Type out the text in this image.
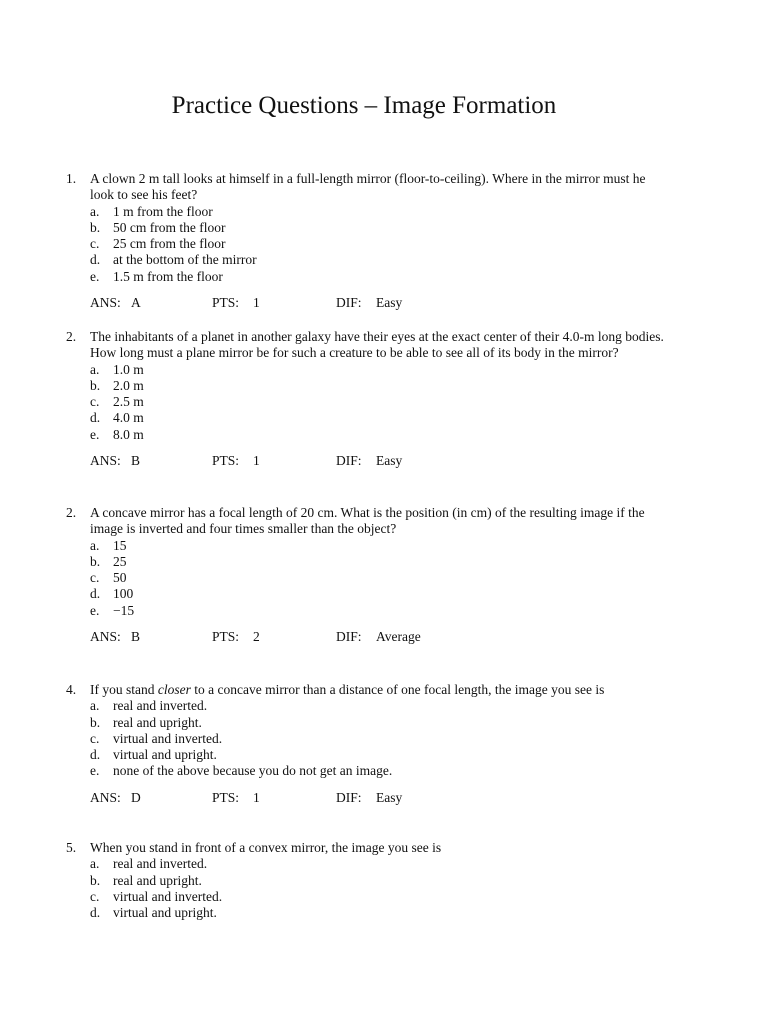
Practice Questions – Image Formation
1.	A clown 2 m tall looks at himself in a full-length mirror (floor-to-ceiling). Where in the mirror must he
look to see his feet?
a.	1 m from the floor
b. 50 cm from the floor
c.	25 cm from the floor
d. at the bottom of the mirror
e.	1.5 m from the floor
ANS: A	PTS: 1	DIF: Easy
2.	The inhabitants of a planet in another galaxy have their eyes at the exact center of their 4.0-m long bodies.
How long must a plane mirror be for such a creature to be able to see all of its body in the mirror?
a.	1.0 m
b. 2.0 m
c.	2.5 m
d. 4.0 m
e.	8.0 m
ANS: B	PTS: 1	DIF: Easy
2.	A concave mirror has a focal length of 20 cm. What is the position (in cm) of the resulting image if the
image is inverted and four times smaller than the object?
a.	15
b. 25
c.	50
d. 100
e.	−15
ANS: B	PTS: 2	DIF: Average
4.	If you stand closer to a concave mirror than a distance of one focal length, the image you see is
a.	real and inverted.
b. real and upright.
c.	virtual and inverted.
d. virtual and upright.
e.	none of the above because you do not get an image.
ANS: D	PTS: 1	DIF: Easy
5.	When you stand in front of a convex mirror, the image you see is
a.	real and inverted.
b. real and upright.
c.	virtual and inverted.
d. virtual and upright.
